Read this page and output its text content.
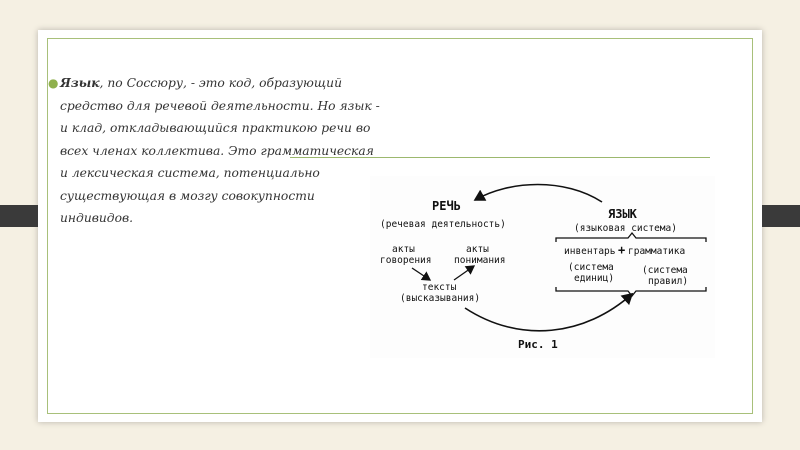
● Язык, по Соссюру, - это код, образующий средство для речевой деятельности. Но язык - и клад, откладывающийся практикою речи во всех членах коллектива. Это грамматическая и лексическая система, потенциально существующая в мозгу совокупности индивидов.

РЕЧЬ
(речевая деятельность)
акты
говорения
акты
понимания
тексты
(высказывания)
ЯЗЫК
(языковая система)
инвентарь + грамматика
(система
единиц)
(система
правил)
Рис. 1
